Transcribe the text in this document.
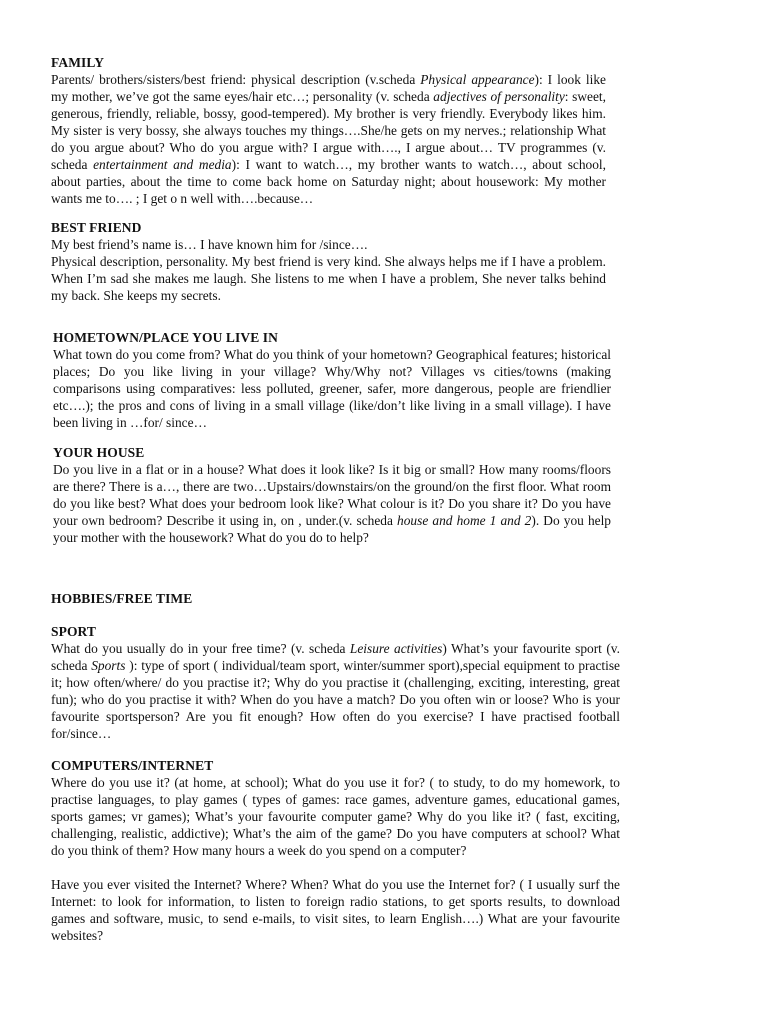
FAMILY

Parents/ brothers/sisters/best friend: physical description (v.scheda Physical appearance): I look like my mother, we’ve got the same eyes/hair etc…; personality (v. scheda adjectives of personality: sweet, generous, friendly, reliable, bossy, good-tempered). My brother is very friendly. Everybody likes him. My sister is very bossy, she always touches my things….She/he gets on my nerves.; relationship What do you argue about? Who do you argue with? I argue with…., I argue about… TV programmes (v. scheda entertainment and media): I want to watch…, my brother wants to watch…, about school, about parties, about the time to come back home on Saturday night; about housework: My mother wants me to…. ; I get o n well with….because…

BEST FRIEND

My best friend’s name is… I have known him for /since….

Physical description, personality. My best friend is very kind. She always helps me if I have a problem. When I’m sad she makes me laugh. She listens to me when I have a problem, She never talks behind my back. She keeps my secrets.

HOMETOWN/PLACE YOU LIVE IN

What town do you come from? What do you think of your hometown? Geographical features; historical places; Do you like living in your village? Why/Why not? Villages vs cities/towns (making comparisons using comparatives: less polluted, greener, safer, more dangerous, people are friendlier etc….); the pros and cons of living in a small village (like/don’t like living in a small village). I have been living in …for/ since…

YOUR HOUSE

Do you live in a flat or in a house? What does it look like? Is it big or small? How many rooms/floors are there? There is a…, there are two…Upstairs/downstairs/on the ground/on the first floor. What room do you like best? What does your bedroom look like? What colour is it? Do you share it? Do you have your own bedroom? Describe it using in, on , under.(v. scheda house and home 1 and 2). Do you help your mother with the housework? What do you do to help?

HOBBIES/FREE TIME
SPORT

What do you usually do in your free time? (v. scheda Leisure activities) What’s your favourite sport (v. scheda Sports ): type of sport ( individual/team sport, winter/summer sport),special equipment to practise it; how often/where/ do you practise it?; Why do you practise it (challenging, exciting, interesting, great fun); who do you practise it with? When do you have a match? Do you often win or loose? Who is your favourite sportsperson? Are you fit enough? How often do you exercise? I have practised football for/since…

COMPUTERS/INTERNET

Where do you use it? (at home, at school); What do you use it for? ( to study, to do my homework, to practise languages, to play games ( types of games: race games, adventure games, educational games, sports games; vr games); What’s your favourite computer game? Why do you like it? ( fast, exciting, challenging, realistic, addictive); What’s the aim of the game? Do you have computers at school? What do you think of them? How many hours a week do you spend on a computer?

Have you ever visited the Internet? Where? When? What do you use the Internet for? ( I usually surf the Internet: to look for information, to listen to foreign radio stations, to get sports results, to download games and software, music, to send e-mails, to visit sites, to learn English….) What are your favourite websites?
